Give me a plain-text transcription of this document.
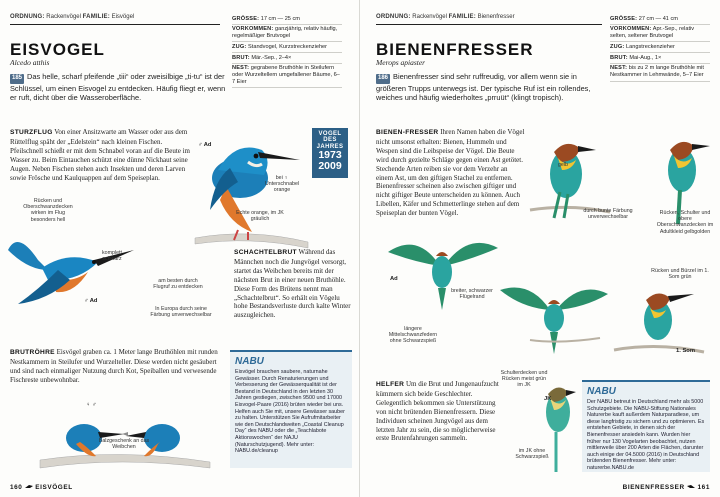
ORDNUNG: Rackenvögel FAMILIE: Eisvögel
EISVOGEL
Alcedo atthis
185 Das helle, scharf pfeifende „tiii“ oder zweisilbige „ti-tu“ ist der Schlüssel, um einen Eisvogel zu entdecken. Häufig fliegt er, wenn er ruft, dicht über die Wasseroberfläche.
GRÖSSE: 17 cm — 25 cm
VORKOMMEN: ganzjährig, relativ häufig, regelmäßiger Brutvogel
ZUG: Standvogel, Kurzstreckenzieher
BRUT: Mär.-Sep., 2–4×
NEST: gegrabene Bruthöhle in Steilufern oder Wurzeltellern umgefallener Bäume, 6–7 Eier
STURZFLUG Von einer Ansitzwarte am Wasser oder aus dem Rüttelflug späht der „Edelstein“ nach kleinen Fischen. Pfeilschnell schießt er mit dem Schnabel voran auf die Beute im Wasser zu. Beim Eintauchen schützt eine dünne Nickhaut seine Augen. Neben Fischen stehen auch Insekten und deren Larven sowie Frösche und Kaulquappen auf dem Speiseplan.
VOGEL DES JAHRES
1973
2009
♂ Ad
bei ♀ Unterschnabel orange
Echte orange, im JK gräulich
Rücken und Oberschwanzdecken wirken im Flug besonders hell
komplett schwarz
am besten durch Flugruf zu entdecken
♂ Ad
In Europa durch seine Färbung unverwechselbar
SCHACHTELBRUT Während das Männchen noch die Jungvögel versorgt, startet das Weibchen bereits mit der nächsten Brut in einer neuen Bruthöhle. Diese Form des Brütens nennt man „Schachtelbrut“. So erhält ein Vögelu hohe Bestandsverluste durch kalte Winter auszugleichen.
BRUTRÖHRE Eisvögel graben ca. 1 Meter lange Bruthöhlen mit runden Nestkammern in Steilufer und Wurzelteller. Diese werden nicht gesäubert und sind nach einmaliger Nutzung durch Kot, Speiballen und verwesende Fischreste unbewohnbar.
NABU
Eisvögel brauchen saubere, naturnahe Gewässer. Durch Renaturierungen und Verbesserung der Gewässerqualität ist der Bestand in Deutschland in den letzten 30 Jahren gestiegen, zwischen 9500 und 17000 Eisvogel-Paare (2016) brüten wieder bei uns. Helfen auch Sie mit, unsere Gewässer sauber zu halten. Unterstützen Sie Aufrufmitarbeiter wie den Deutschlandweiten „Coastal Cleanup Day“ des NABU oder die „Teachlabote Aktionswochen“ der NAJU (Naturschutzjugend). Mehr unter: NABU.de/cleanup
♀ ♂
Balzgeschenk an das Weibchen
160 EISVÖGEL
ORDNUNG: Rackenvögel FAMILIE: Bienenfresser
BIENENFRESSER
Merops apiaster
186 Bienenfresser sind sehr ruffreudig, vor allem wenn sie in größeren Trupps unterwegs ist. Der typische Ruf ist ein rollendes, weiches und häufig wiederholtes „prruüt“ (klingt tropisch).
GRÖSSE: 27 cm — 41 cm
VORKOMMEN: Apr.-Sep., relativ selten, seltener Brutvogel
ZUG: Langstreckenzieher
BRUT: Mai-Aug., 1×
NEST: bis zu 2 m lange Bruthöhle mit Nestkammer in Lehmwände, 5–7 Eier
BIENEN-FRESSER Ihren Namen haben die Vögel nicht umsonst erhalten: Bienen, Hummeln und Wespen sind die Leibspeise der Vögel. Die Beute wird durch gezielte Schläge gegen einen Ast getötet. Stechende Arten reiben sie vor dem Verzehr an einem Ast, um den giftigen Stachel zu entfernen. Bienenfresser scheinen also zwischen giftiger und nicht giftiger Beute unterscheiden zu können. Auch Libellen, Käfer und Schmetterlinge stehen auf dem Speiseplan der bunten Vögel.
gelb
durch bunte Färbung unverwechselbar
Rücken, Schulter und obere Oberschwanzdecken im Adultkleid gelbgolden
Ad
breiter, schwarzer Flügelrand
längere Mittelschwanzfedern ohne Schwarzspieß
Rücken und Bürzel im 1. Som grün
1. Som
HELFER Um die Brut und Jungenaufzucht kümmern sich beide Geschlechter. Gelegentlich bekommen sie Unterstützung von nicht brütenden Bienenfressern. Diese Individuen scheinen Jungvögel aus dem letzten Jahr zu sein, die so möglicherweise erste Brutenfahrungen sammeln.
Schulterdecken und Rücken meist grün im JK
JK
im JK ohne Schwarzspieß
NABU
Der NABU betreut in Deutschland mehr als 5000 Schutzgebiete. Die NABU-Stiftung Nationales Naturerbe kauft außerdem Naturparadiese, um diese langfristig zu sichern und zu optimieren. Es entstehen Gebiete, in denen sich der Bienenfresser ansiedeln kann. Wurden hier früher nur 130 Vogelarten beobachtet, nutzen mittlerweile über 200 Arten die Flächen, darunter auch einige der 04.5000 (2016) in Deutschland brütenden Bienenfresser. Mehr unter: naturerbe.NABU.de
BIENENFRESSER 161
